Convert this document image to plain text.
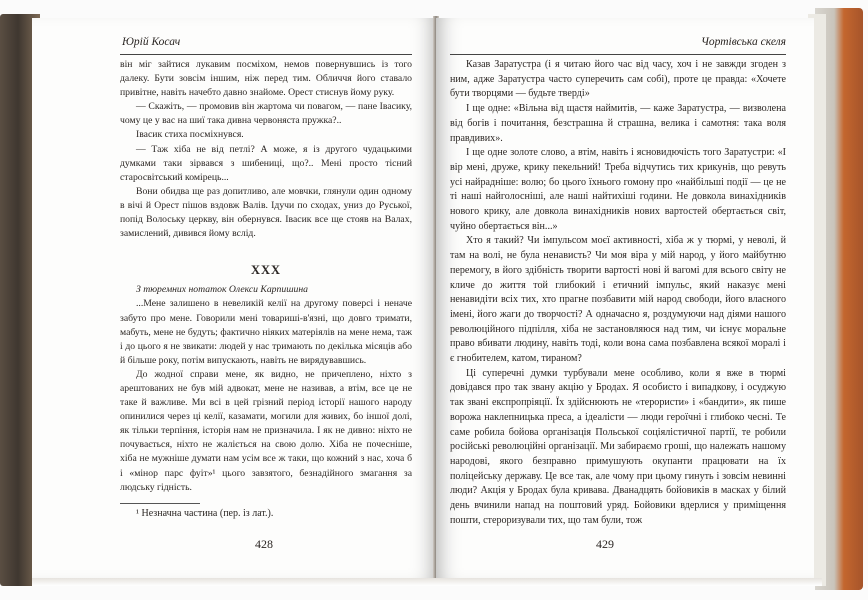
Юрій Косач

він міг зайтися лукавим посміхом, немов повернувшись із того далеку. Бути зовсім іншим, ніж перед тим. Обличчя його ставало привітне, навіть начебто давно знайоме. Орест стиснув йому руку.

— Скажіть, — промовив він жартома чи повагом, — пане Івасику, чому це у вас на шиї така дивна червоняста пружка?..

Івасик стиха посміхнувся.

— Таж хіба не від петлі? А може, я із другого чудацькими думками таки зірвався з шибениці, що?.. Мені просто тісний старосвітський комірець...

Вони обидва ще раз допитливо, але мовчки, глянули один одному в вічі й Орест пішов вздовж Валів. Ідучи по сходах, униз до Руської, попід Волоську церкву, він обернувся. Івасик все ще стояв на Валах, замислений, дивився йому вслід.

XXX

З тюремних нотаток Олекси Карпишина

...Мене залишено в невеликій келії на другому поверсі і неначе забуто про мене. Говорили мені товариші-в'язні, що довго тримати, мабуть, мене не будуть; фактично ніяких матеріялів на мене нема, таж і до цього я не звикати: людей у нас тримають по декілька місяців або й більше року, потім випускають, навіть не вирядувавшись.

До жодної справи мене, як видно, не причеплено, ніхто з арештованих не був мій адвокат, мене не називав, а втім, все це не таке й важливе. Ми всі в цей грізний період історії нашого народу опинилися через ці келії, казамати, могили для живих, бо іншої долі, як тільки терпіння, історія нам не призначила. І як не дивно: ніхто не почувається, ніхто не жаліється на свою долю. Хіба не почесніше, хіба не мужніше думати нам усім все ж таки, що кожний з нас, хоча б і «мінор парс фуіт»¹ цього завзятого, безнадійного змагання за людську гідність.

¹ Незначна частина (пер. із лат.).

428
Чортівська скеля

Казав Заратустра (і я читаю його час від часу, хоч і не завжди згоден з ним, адже Заратустра часто суперечить сам собі), проте це правда: «Хочете бути творцями — будьте тверді»

І ще одне: «Вільна від щастя наймитів, — каже Заратустра, — визволена від богів і почитання, безстрашна й страшна, велика і самотня: така воля правдивих».

І ще одне золоте слово, а втім, навіть і ясновидючість того Заратустри: «І вір мені, друже, крику пекельний! Треба відчутись тих крикунів, що ревуть усі найрадніше: волю; бо цього їхнього гомону про «найбільші події — це не ті наші найголосніші, але наші найтихіші години. Не довкола винахідників нового крику, але довкола винахідників нових вартостей обертається світ, чуйно обертається він...»

Хто я такий? Чи імпульсом моєї активності, хіба ж у тюрмі, у неволі, й там на волі, не була ненависть? Чи моя віра у мій народ, у його майбутню перемогу, в його здібність творити вартості нові й вагомі для всього світу не кличе до життя той глибокий і етичний імпульс, який наказує мені ненавидіти всіх тих, хто прагне позбавити мій народ свободи, його власного імені, його жаги до творчості? А одначасно я, роздумуючи над діями нашого революційного підпілля, хіба не застановляюся над тим, чи існує моральне право вбивати людину, навіть тоді, коли вона сама позбавлена всякої моралі і є гнобителем, катом, тираном?

Ці суперечні думки турбували мене особливо, коли я вже в тюрмі довідався про так звану акцію у Бродах. Я особисто і випадкову, і осуджую так звані експропріяції. Їх здійснюють не «терористи» і «бандити», як пише ворожа наклепницька преса, а ідеалісти — люди героїчні і глибоко чесні. Те саме робила бойова організація Польської соціялістичної партії, те робили російські революційні організації. Ми забираємо гроші, що належать нашому народові, якого безправно примушують окупанти працювати на їх поліцейську державу. Це все так, але чому при цьому гинуть і зовсім невинні люди? Акція у Бродах була кривава. Дванадцять бойовиків в масках у білий день вчинили напад на поштовий уряд. Бойовики вдерлися у приміщення пошти, стероризували тих, що там були, тож

429
